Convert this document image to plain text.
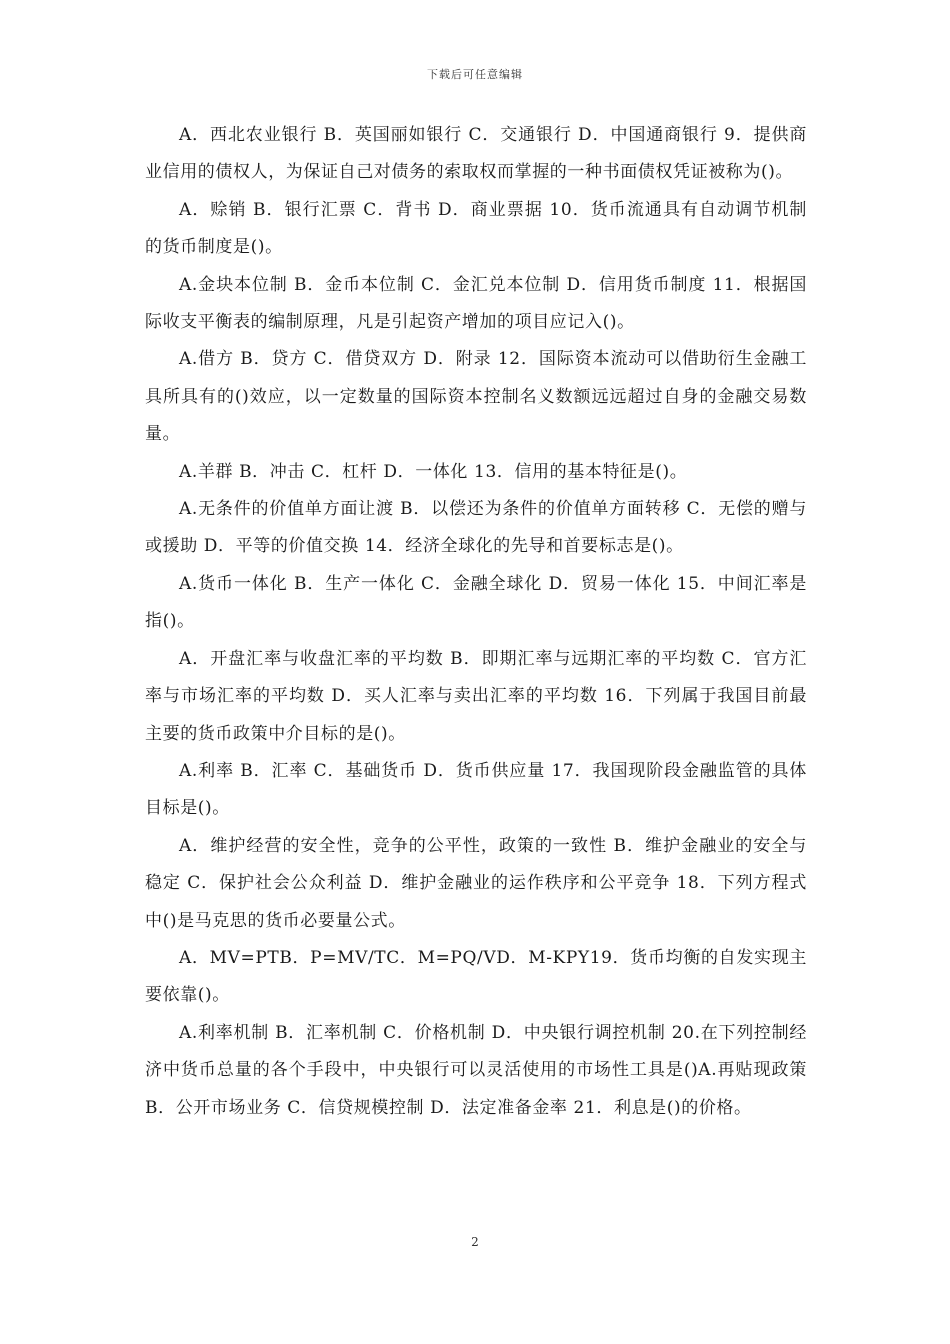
下载后可任意编辑

A．西北农业银行 B．英国丽如银行 C．交通银行 D．中国通商银行 9．提供商业信用的债权人，为保证自己对债务的索取权而掌握的一种书面债权凭证被称为()。

A．赊销 B．银行汇票 C．背书 D．商业票据 10．货币流通具有自动调节机制的货币制度是()。

A.金块本位制 B．金币本位制 C．金汇兑本位制 D．信用货币制度 11．根据国际收支平衡表的编制原理，凡是引起资产增加的项目应记入()。

A.借方 B．贷方 C．借贷双方 D．附录 12．国际资本流动可以借助衍生金融工具所具有的()效应，以一定数量的国际资本控制名义数额远远超过自身的金融交易数量。

A.羊群 B．冲击 C．杠杆 D．一体化 13．信用的基本特征是()。

A.无条件的价值单方面让渡 B．以偿还为条件的价值单方面转移 C．无偿的赠与或援助 D．平等的价值交换 14．经济全球化的先导和首要标志是()。

A.货币一体化 B．生产一体化 C．金融全球化 D．贸易一体化 15．中间汇率是指()。

A．开盘汇率与收盘汇率的平均数 B．即期汇率与远期汇率的平均数 C．官方汇率与市场汇率的平均数 D．买人汇率与卖出汇率的平均数 16．下列属于我国目前最主要的货币政策中介目标的是()。

A.利率 B．汇率 C．基础货币 D．货币供应量 17．我国现阶段金融监管的具体目标是()。

A．维护经营的安全性，竞争的公平性，政策的一致性 B．维护金融业的安全与稳定 C．保护社会公众利益 D．维护金融业的运作秩序和公平竞争 18．下列方程式中()是马克思的货币必要量公式。

A．MV=PTB．P=MV/TC．M=PQ/VD．M-KPY19．货币均衡的自发实现主要依靠()。

A.利率机制 B．汇率机制 C．价格机制 D．中央银行调控机制 20.在下列控制经济中货币总量的各个手段中，中央银行可以灵活使用的市场性工具是()A.再贴现政策 B．公开市场业务 C．信贷规模控制 D．法定准备金率 21．利息是()的价格。

2
